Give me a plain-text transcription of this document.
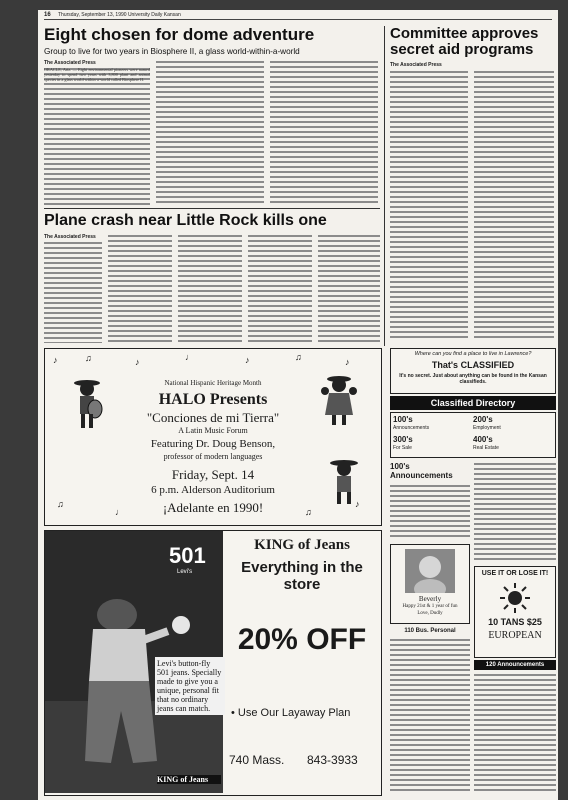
16 Thursday, September 13, 1990 University Daily Kansan
Eight chosen for dome adventure
Group to live for two years in Biosphere II, a glass world-within-a-world
The Associated Press
ORACLE, Ariz. — Eight environmental pioneers were named yesterday to spend two years with 3,800 plant and animal species in a glass world-within-a-world called Biosphere II.
Committee approves secret aid programs
The Associated Press
Plane crash near Little Rock kills one
The Associated Press
♪	♫	♪	♩	♪	♫	♪
♫	♪
♩	♫
National Hispanic Heritage Month
HALO Presents
"Conciones de mi Tierra"
A Latin Music Forum
Featuring Dr. Doug Benson,
professor of modern languages
Friday, Sept. 14
6 p.m. Alderson Auditorium
¡Adelante en 1990!
501
Levi's
Levi's button-fly 501 jeans. Specially made to give you a unique, personal fit that no ordinary jeans can match.
KING of Jeans
Everything in the store
20% OFF
• Use Our Layaway Plan
740 Mass. 843-3933
KING of Jeans
Where can you find a place to live in Lawrence?
That's CLASSIFIED
It's no secret. Just about anything can be found in the Kansan classifieds.
Classified Directory
100's
Announcements
200's
Employment
300's
For Sale
400's
Real Estate
100's Announcements
Beverly
Happy 21st & 1 year of fun
Love, Dudly
110 Bus. Personal
USE IT OR LOSE IT!
10 TANS $25
EUROPEAN
120 Announcements
